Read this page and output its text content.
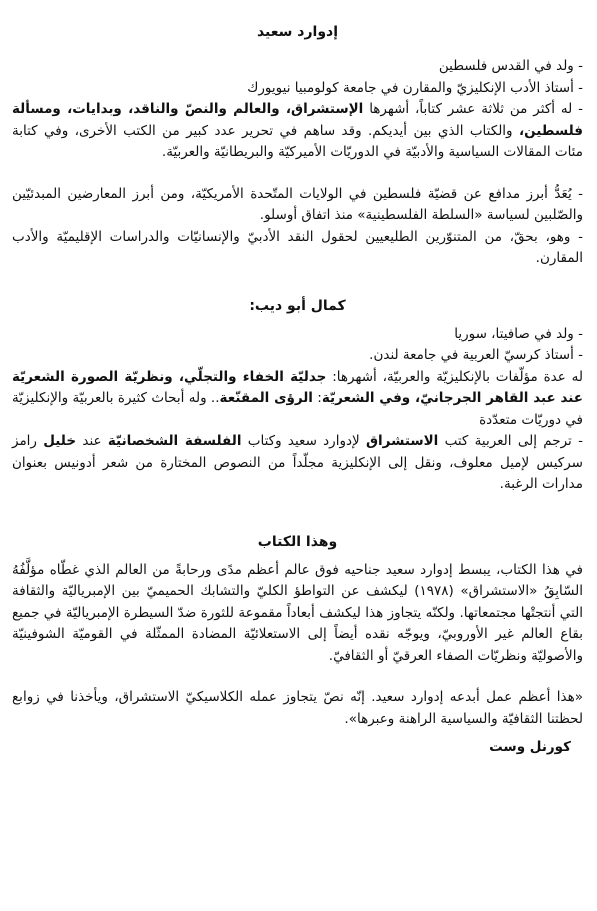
إدوارد سعيد

- ولد في القدس فلسطين

- أستاذ الأدب الإنكليزيّ والمقارن في جامعة كولومبيا نيويورك

- له أكثر من ثلاثة عشر كتاباً، أشهرها الإستشراق، والعالم والنصّ والناقد، وبدايات، ومسألة فلسطين، والكتاب الذي بين أيديكم. وقد ساهم في تحرير عدد كبير من الكتب الأخرى، وفي كتابة مئات المقالات السياسية والأدبيّة في الدوريّات الأميركيّة والبريطانيّة والعربيّة.

- يُعَدُّ أبرز مدافع عن قضيّة فلسطين في الولايات المتّحدة الأمريكيّة، ومن أبرز المعارضين المبدئيّين والصّلبين لسياسة «السلطة الفلسطينية» منذ اتفاق أوسلو.

- وهو، بحقّ، من المتنوّرين الطليعيين لحقول النقد الأدبيّ والإنسانيّات والدراسات الإقليميّة والأدب المقارن.

كمال أبو ديب:

- ولد في صافيتا، سوريا

- أستاذ كرسيّ العربية في جامعة لندن.

له عدة مؤلّفات بالإنكليزيّة والعربيّة، أشهرها: جدليّة الخفاء والتجلّي، ونظريّة الصورة الشعريّة عند عبد القاهر الجرجانيّ، وفي الشعريّة: الرؤى المقنّعة.. وله أبحاث كثيرة بالعربيّة والإنكليزيّة في دوريّات متعدّدة

- ترجم إلى العربية كتب الاستشراق لإدوارد سعيد وكتاب الفلسفة الشخصانيّة عند خليل رامز سركيس لإميل معلوف، ونقل إلى الإنكليزية مجلّداً من النصوص المختارة من شعر أدونيس بعنوان مدارات الرغبة.

وهذا الكتاب

في هذا الكتاب، يبسط إدوارد سعيد جناحيه فوق عالم أعظم مدًى ورحابةً من العالم الذي غطّاه مؤلَّفُهُ السّابِقُ «الاستشراق» (١٩٧٨) ليكشف عن التواطؤ الكليّ والتشابك الحميميّ بين الإمبرياليّة والثقافة التي أنتجتْها مجتمعاتها. ولكنّه يتجاوز هذا ليكشف أبعاداً مقموعة للثورة ضدّ السيطرة الإمبرياليّة في جميع بقاع العالم غير الأوروبيّ، ويوجّه نقده أيضاً إلى الاستعلائيّة المضادة الممثّلة في القوميّة الشوفينيّة والأصوليّة ونظريّات الصفاء العرقيّ أو الثقافيّ.

«هذا أعظم عمل أبدعه إدوارد سعيد. إنّه نصّ يتجاوز عمله الكلاسيكيّ الاستشراق، ويأخذنا في زوابع لحظتنا الثقافيّة والسياسية الراهنة وعبرها».

كورنل وست
